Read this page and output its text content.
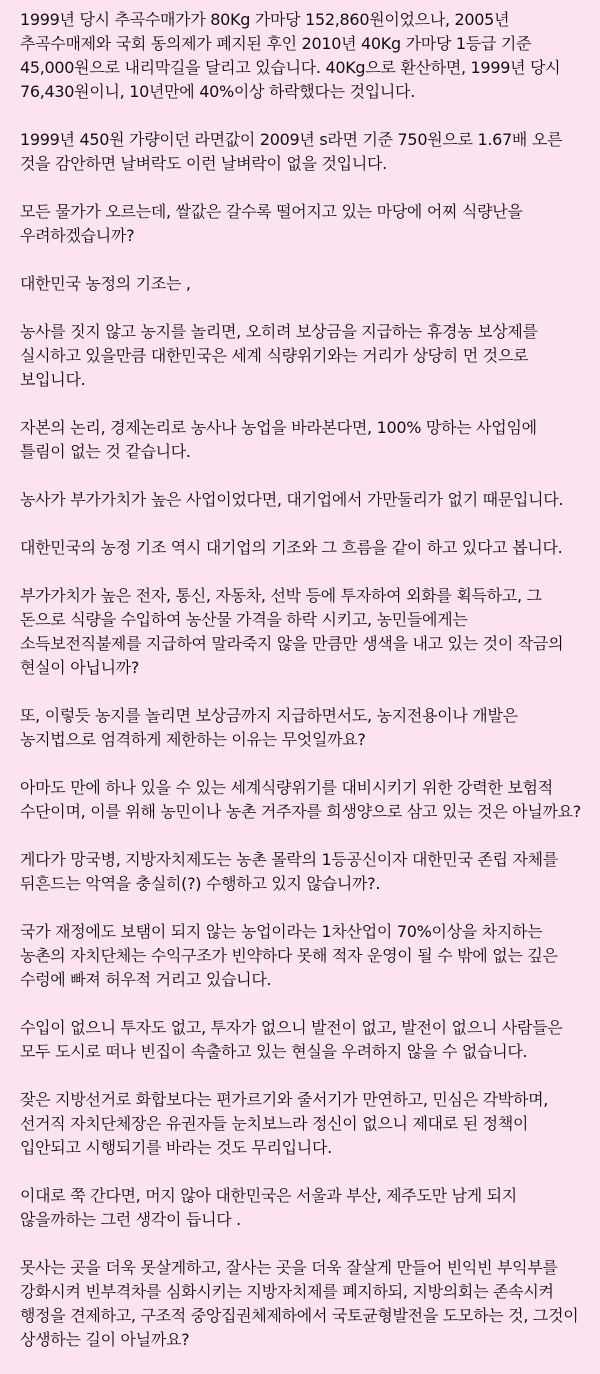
1999년 당시 추곡수매가가 80Kg 가마당 152,860원이었으나, 2005년 추곡수매제와 국회 동의제가 폐지된 후인 2010년 40Kg 가마당 1등급 기준 45,000원으로 내리막길을 달리고 있습니다. 40Kg으로 환산하면, 1999년 당시 76,430원이니, 10년만에 40%이상 하락했다는 것입니다.

1999년 450원 가량이던 라면값이 2009년 s라면 기준 750원으로 1.67배 오른 것을 감안하면 날벼락도 이런 날벼락이 없을 것입니다.

모든 물가가 오르는데, 쌀값은 갈수록 떨어지고 있는 마당에 어찌 식량난을 우려하겠습니까?

대한민국 농정의 기조는 ,

농사를 짓지 않고 농지를 놀리면, 오히려 보상금을 지급하는 휴경농 보상제를 실시하고 있을만큼 대한민국은 세계 식량위기와는 거리가 상당히 먼 것으로 보입니다.

자본의 논리, 경제논리로 농사나 농업을 바라본다면, 100% 망하는 사업임에 틀림이 없는 것 같습니다.

농사가 부가가치가 높은 사업이었다면, 대기업에서 가만둘리가 없기 때문입니다.

대한민국의 농정 기조 역시 대기업의 기조와 그 흐름을 같이 하고 있다고 봅니다.

부가가치가 높은 전자, 통신, 자동차, 선박 등에 투자하여 외화를 획득하고, 그 돈으로 식량을 수입하여 농산물 가격을 하락 시키고, 농민들에게는 소득보전직불제를 지급하여 말라죽지 않을 만큼만 생색을 내고 있는 것이 작금의 현실이 아닙니까?

또, 이렇듯 농지를 놀리면 보상금까지 지급하면서도, 농지전용이나 개발은 농지법으로 엄격하게 제한하는 이유는 무엇일까요?

아마도 만에 하나 있을 수 있는 세계식량위기를 대비시키기 위한 강력한 보험적 수단이며, 이를 위해 농민이나 농촌 거주자를 희생양으로 삼고 있는 것은 아닐까요?

게다가 망국병, 지방자치제도는 농촌 몰락의 1등공신이자 대한민국 존립 자체를 뒤흔드는 악역을 충실히(?) 수행하고 있지 않습니까?.

국가 재정에도 보탬이 되지 않는 농업이라는 1차산업이 70%이상을 차지하는 농촌의 자치단체는 수익구조가 빈약하다 못해 적자 운영이 될 수 밖에 없는 깊은 수렁에 빠져 허우적 거리고 있습니다.

수입이 없으니 투자도 없고, 투자가 없으니 발전이 없고, 발전이 없으니 사람들은 모두 도시로 떠나 빈집이 속출하고 있는 현실을 우려하지 않을 수 없습니다.

잦은 지방선거로 화합보다는 편가르기와 줄서기가 만연하고, 민심은 각박하며, 선거직 자치단체장은 유권자들 눈치보느라 정신이 없으니 제대로 된 정책이 입안되고 시행되기를 바라는 것도 무리입니다.

이대로 쭉 간다면, 머지 않아 대한민국은 서울과 부산, 제주도만 남게 되지 않을까하는 그런 생각이 듭니다 .

못사는 곳을 더욱 못살게하고, 잘사는 곳을 더욱 잘살게 만들어 빈익빈 부익부를 강화시켜 빈부격차를 심화시키는 지방자치제를 폐지하되, 지방의회는 존속시켜 행정을 견제하고, 구조적 중앙집권체제하에서 국토균형발전을 도모하는 것, 그것이 상생하는 길이 아닐까요?
